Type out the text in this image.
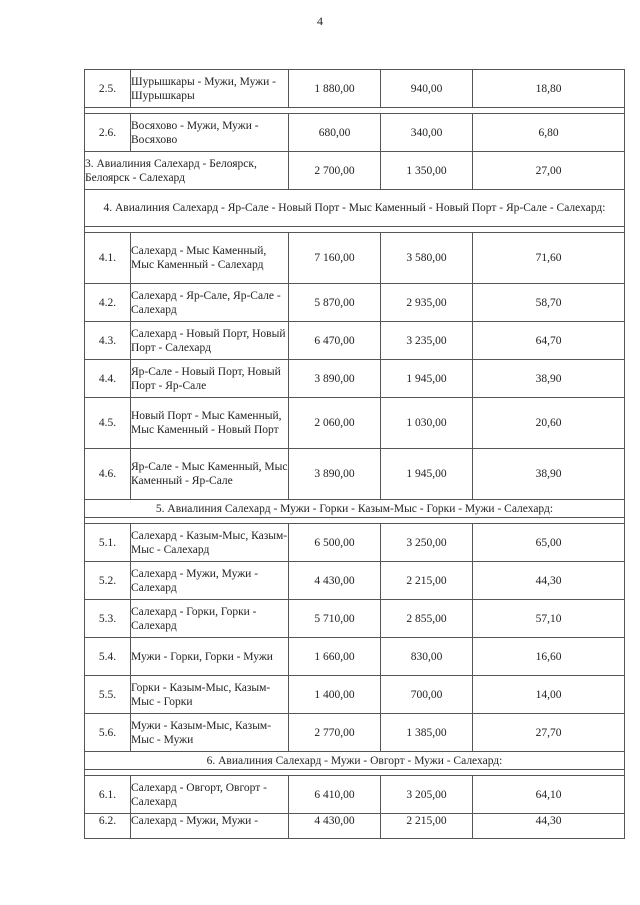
4
2.5.	Шурышкары - Мужи, Мужи - Шурышкары	1 880,00	940,00	18,80

2.6.	Восяхово - Мужи, Мужи - Восяхово	680,00	340,00	6,80
3. Авиалиния Салехард - Белоярск, Белоярск - Салехард		2 700,00	1 350,00	27,00
4. Авиалиния Салехард - Яр-Сале - Новый Порт - Мыс Каменный - Новый Порт - Яр-Сале - Салехард:				

4.1.	Салехард - Мыс Каменный, Мыс Каменный - Салехард	7 160,00	3 580,00	71,60
4.2.	Салехард - Яр-Сале, Яр-Сале - Салехард	5 870,00	2 935,00	58,70
4.3.	Салехард - Новый Порт, Новый Порт - Салехард	6 470,00	3 235,00	64,70
4.4.	Яр-Сале - Новый Порт, Новый Порт - Яр-Сале	3 890,00	1 945,00	38,90
4.5.	Новый Порт - Мыс Каменный, Мыс Каменный - Новый Порт	2 060,00	1 030,00	20,60
4.6.	Яр-Сале - Мыс Каменный, Мыс Каменный - Яр-Сале	3 890,00	1 945,00	38,90
5. Авиалиния Салехард - Мужи - Горки - Казым-Мыс - Горки - Мужи - Салехард:				

5.1.	Салехард - Казым-Мыс, Казым-Мыс - Салехард	6 500,00	3 250,00	65,00
5.2.	Салехард - Мужи, Мужи - Салехард	4 430,00	2 215,00	44,30
5.3.	Салехард - Горки, Горки - Салехард	5 710,00	2 855,00	57,10
5.4.	Мужи - Горки, Горки - Мужи	1 660,00	830,00	16,60
5.5.	Горки - Казым-Мыс, Казым-Мыс - Горки	1 400,00	700,00	14,00
5.6.	Мужи - Казым-Мыс, Казым-Мыс - Мужи	2 770,00	1 385,00	27,70
6. Авиалиния Салехард - Мужи - Овгорт - Мужи - Салехард:				

6.1.	Салехард - Овгорт, Овгорт - Салехард	6 410,00	3 205,00	64,10
6.2.	Салехард - Мужи, Мужи -	4 430,00	2 215,00	44,30
